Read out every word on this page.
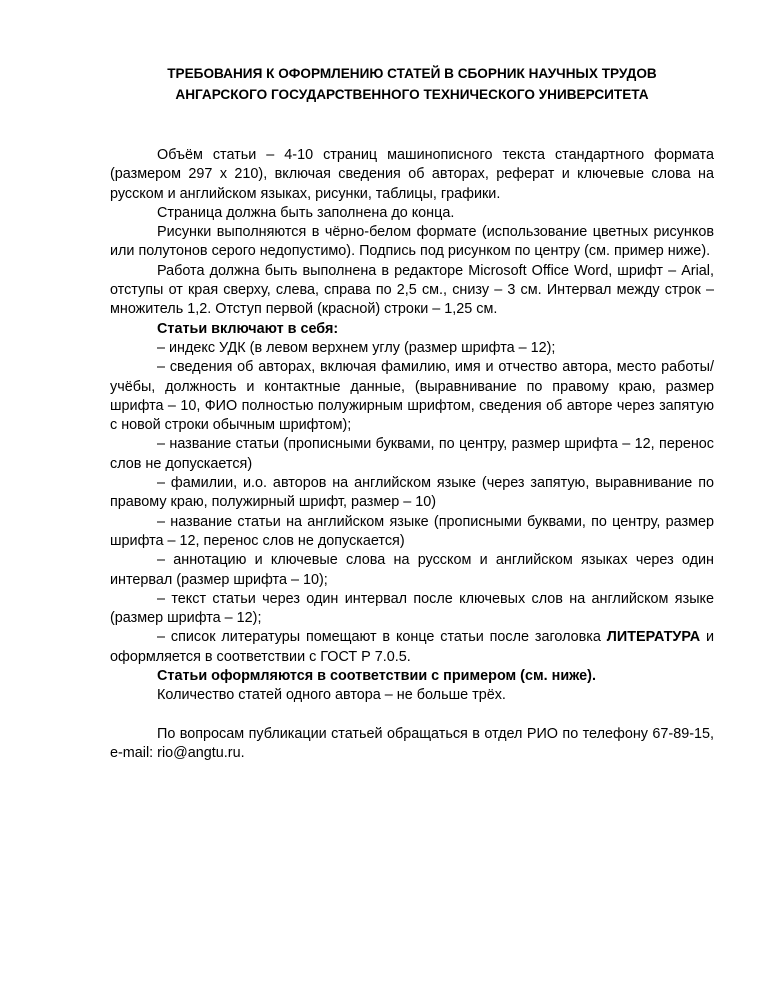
ТРЕБОВАНИЯ К ОФОРМЛЕНИЮ СТАТЕЙ В СБОРНИК НАУЧНЫХ ТРУДОВ
АНГАРСКОГО ГОСУДАРСТВЕННОГО ТЕХНИЧЕСКОГО УНИВЕРСИТЕТА

Объём статьи – 4-10 страниц машинописного текста стандартного формата (размером 297 х 210), включая сведения об авторах, реферат и ключевые слова на русском и английском языках, рисунки, таблицы, графики.

Страница должна быть заполнена до конца.

Рисунки выполняются в чёрно-белом формате (использование цветных рисунков или полутонов серого недопустимо). Подпись под рисунком по центру (см. пример ниже).

Работа должна быть выполнена в редакторе Microsoft Office Word, шрифт – Arial, отступы от края сверху, слева, справа по 2,5 см., снизу – 3 см. Интервал между строк – множитель 1,2. Отступ первой (красной) строки – 1,25 см.

Статьи включают в себя:

– индекс УДК (в левом верхнем углу (размер шрифта – 12);

– сведения об авторах, включая фамилию, имя и отчество автора, место работы/учёбы, должность и контактные данные, (выравнивание по правому краю, размер шрифта – 10, ФИО полностью полужирным шрифтом, сведения об авторе через запятую с новой строки обычным шрифтом);

– название статьи (прописными буквами, по центру, размер шрифта – 12, перенос слов не допускается)

– фамилии, и.о. авторов на английском языке (через запятую, выравнивание по правому краю, полужирный шрифт, размер – 10)

– название статьи на английском языке (прописными буквами, по центру, размер шрифта – 12, перенос слов не допускается)

– аннотацию и ключевые слова на русском и английском языках через один интервал (размер шрифта – 10);

– текст статьи через один интервал после ключевых слов на английском языке (размер шрифта – 12);

– список литературы помещают в конце статьи после заголовка ЛИТЕРАТУРА и оформляется в соответствии с ГОСТ Р 7.0.5.

Статьи оформляются в соответствии с примером (см. ниже).

Количество статей одного автора – не больше трёх.

По вопросам публикации статьей обращаться в отдел РИО по телефону 67-89-15, e-mail: rio@angtu.ru.
